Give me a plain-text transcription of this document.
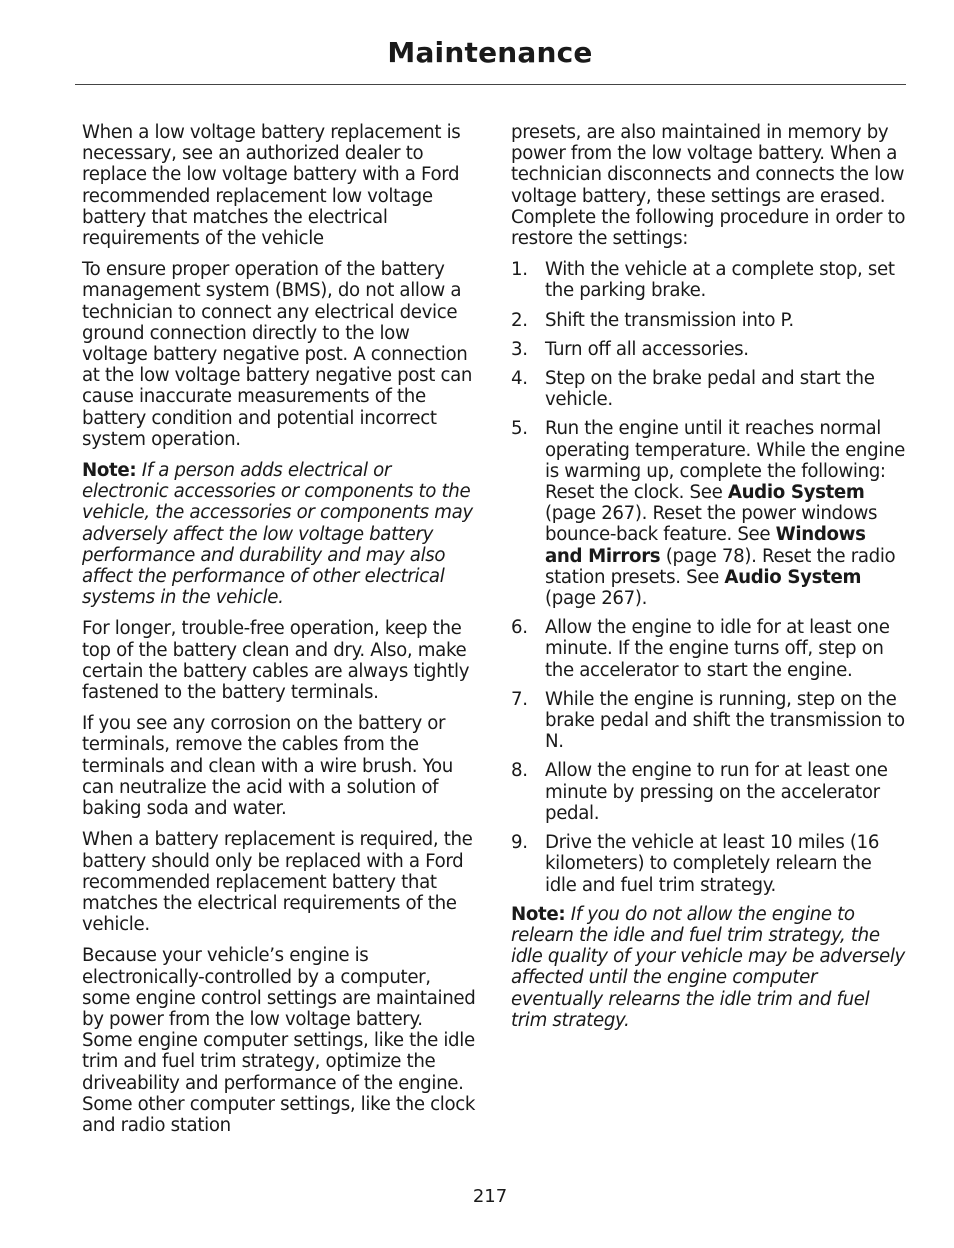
Maintenance

When a low voltage battery replacement is necessary, see an authorized dealer to replace the low voltage battery with a Ford recommended replacement low voltage battery that matches the electrical requirements of the vehicle

To ensure proper operation of the battery management system (BMS), do not allow a technician to connect any electrical device ground connection directly to the low voltage battery negative post. A connection at the low voltage battery negative post can cause inaccurate measurements of the battery condition and potential incorrect system operation.

Note: If a person adds electrical or electronic accessories or components to the vehicle, the accessories or components may adversely affect the low voltage battery performance and durability and may also affect the performance of other electrical systems in the vehicle.

For longer, trouble-free operation, keep the top of the battery clean and dry. Also, make certain the battery cables are always tightly fastened to the battery terminals.

If you see any corrosion on the battery or terminals, remove the cables from the terminals and clean with a wire brush. You can neutralize the acid with a solution of baking soda and water.

When a battery replacement is required, the battery should only be replaced with a Ford recommended replacement battery that matches the electrical requirements of the vehicle.

Because your vehicle’s engine is electronically-controlled by a computer, some engine control settings are maintained by power from the low voltage battery. Some engine computer settings, like the idle trim and fuel trim strategy, optimize the driveability and performance of the engine. Some other computer settings, like the clock and radio station

presets, are also maintained in memory by power from the low voltage battery. When a technician disconnects and connects the low voltage battery, these settings are erased. Complete the following procedure in order to restore the settings:

1. With the vehicle at a complete stop, set the parking brake.
2. Shift the transmission into P.
3. Turn off all accessories.
4. Step on the brake pedal and start the vehicle.
5. Run the engine until it reaches normal operating temperature. While the engine is warming up, complete the following: Reset the clock. See Audio System (page 267). Reset the power windows bounce-back feature. See Windows and Mirrors (page 78). Reset the radio station presets. See Audio System (page 267).
6. Allow the engine to idle for at least one minute. If the engine turns off, step on the accelerator to start the engine.
7. While the engine is running, step on the brake pedal and shift the transmission to N.
8. Allow the engine to run for at least one minute by pressing on the accelerator pedal.
9. Drive the vehicle at least 10 miles (16 kilometers) to completely relearn the idle and fuel trim strategy.

Note: If you do not allow the engine to relearn the idle and fuel trim strategy, the idle quality of your vehicle may be adversely affected until the engine computer eventually relearns the idle trim and fuel trim strategy.

217
